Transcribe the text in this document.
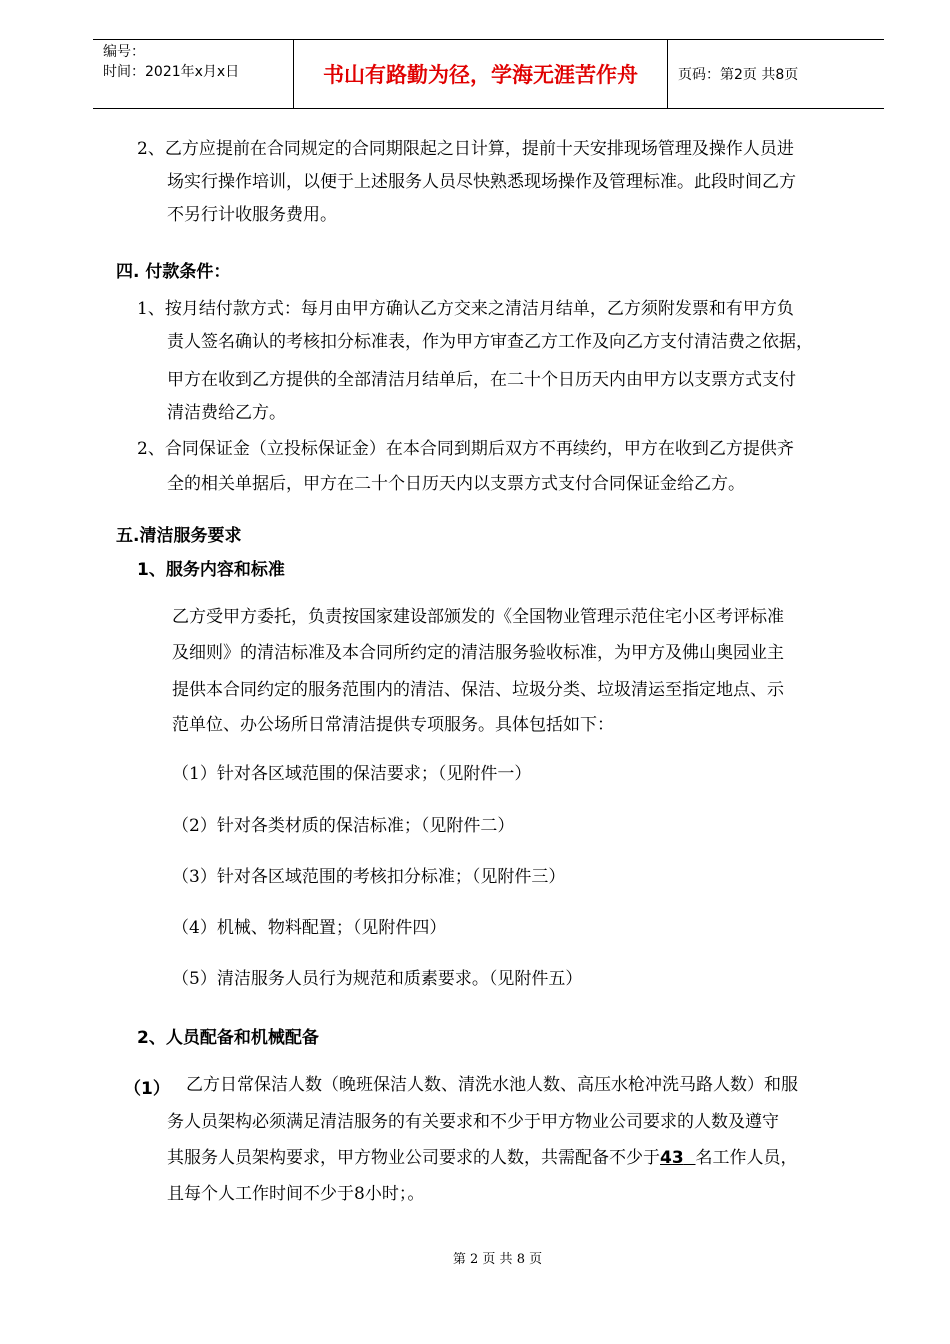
编号：
时间：2021年x月x日	书山有路勤为径，学海无涯苦作舟	页码：第2页 共8页
2、乙方应提前在合同规定的合同期限起之日计算，提前十天安排现场管理及操作人员进
场实行操作培训，以便于上述服务人员尽快熟悉现场操作及管理标准。此段时间乙方
不另行计收服务费用。
四. 付款条件：
1、按月结付款方式：每月由甲方确认乙方交来之清洁月结单，乙方须附发票和有甲方负
责人签名确认的考核扣分标准表，作为甲方审查乙方工作及向乙方支付清洁费之依据，
甲方在收到乙方提供的全部清洁月结单后，在二十个日历天内由甲方以支票方式支付
清洁费给乙方。
2、合同保证金（立投标保证金）在本合同到期后双方不再续约，甲方在收到乙方提供齐
全的相关单据后，甲方在二十个日历天内以支票方式支付合同保证金给乙方。
五.清洁服务要求
1、服务内容和标准
乙方受甲方委托，负责按国家建设部颁发的《全国物业管理示范住宅小区考评标准
及细则》的清洁标准及本合同所约定的清洁服务验收标准，为甲方及佛山奥园业主
提供本合同约定的服务范围内的清洁、保洁、垃圾分类、垃圾清运至指定地点、示
范单位、办公场所日常清洁提供专项服务。具体包括如下：
（1）针对各区域范围的保洁要求；（见附件一）
（2）针对各类材质的保洁标准；（见附件二）
（3）针对各区域范围的考核扣分标准；（见附件三）
（4）机械、物料配置；（见附件四）
（5）清洁服务人员行为规范和质素要求。（见附件五）
2、人员配备和机械配备
（1） 乙方日常保洁人数（晚班保洁人数、清洗水池人数、高压水枪冲洗马路人数）和服
务人员架构必须满足清洁服务的有关要求和不少于甲方物业公司要求的人数及遵守
其服务人员架构要求，甲方物业公司要求的人数，共需配备不少于43 名工作人员，
且每个人工作时间不少于8小时；。
第 2 页 共 8 页
